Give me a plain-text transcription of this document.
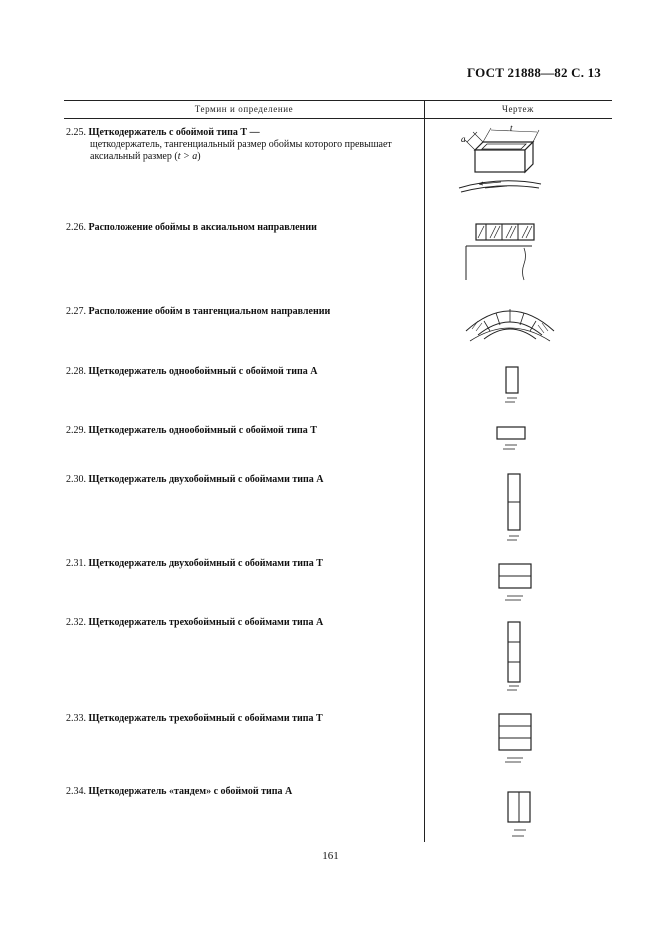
ГОСТ 21888—82 С. 13
Термин и определение	Чертеж
2.25. Щеткодержатель с обоймой типа Т —
щеткодержатель, тангенциальный размер обоймы которого превышает аксиальный размер (t > a)
2.26. Расположение обоймы в аксиальном направлении
2.27. Расположение обойм в тангенциальном направлении
2.28. Щеткодержатель однообоймный с обоймой типа А
2.29. Щеткодержатель однообоймный с обоймой типа Т
2.30. Щеткодержатель двухобоймный с обоймами типа А
2.31. Щеткодержатель двухобоймный с обоймами типа Т
2.32. Щеткодержатель трехобоймный с обоймами типа А
2.33. Щеткодержатель трехобоймный с обоймами типа Т
2.34. Щеткодержатель «тандем» с обоймой типа А
a
t
161
